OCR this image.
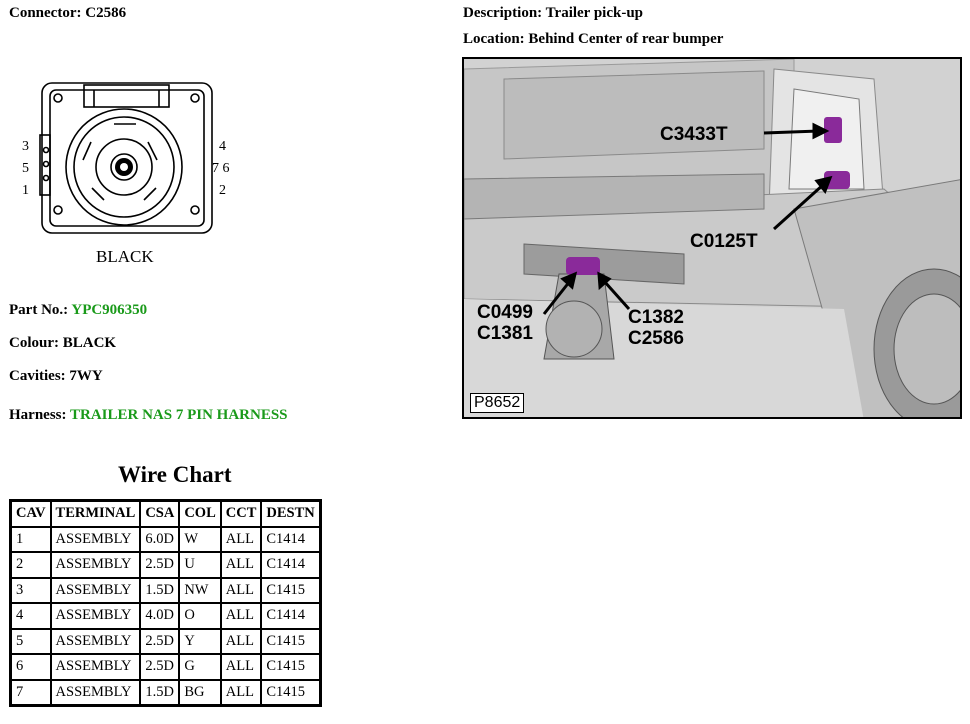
Connector: C2586	Description: Trailer pick-up
Location: Behind Center of rear bumper
3
5
1
4
7 6
2
BLACK
Part No.: YPC906350
Colour: BLACK
Cavities: 7WY
Harness: TRAILER NAS 7 PIN HARNESS
C3433T
C0125T
C0499
C1381
C1382
C2586
P8652
Wire Chart
CAV	TERMINAL	CSA	COL	CCT	DESTN
1	ASSEMBLY	6.0D	W	ALL	C1414
2	ASSEMBLY	2.5D	U	ALL	C1414
3	ASSEMBLY	1.5D	NW	ALL	C1415
4	ASSEMBLY	4.0D	O	ALL	C1414
5	ASSEMBLY	2.5D	Y	ALL	C1415
6	ASSEMBLY	2.5D	G	ALL	C1415
7	ASSEMBLY	1.5D	BG	ALL	C1415
